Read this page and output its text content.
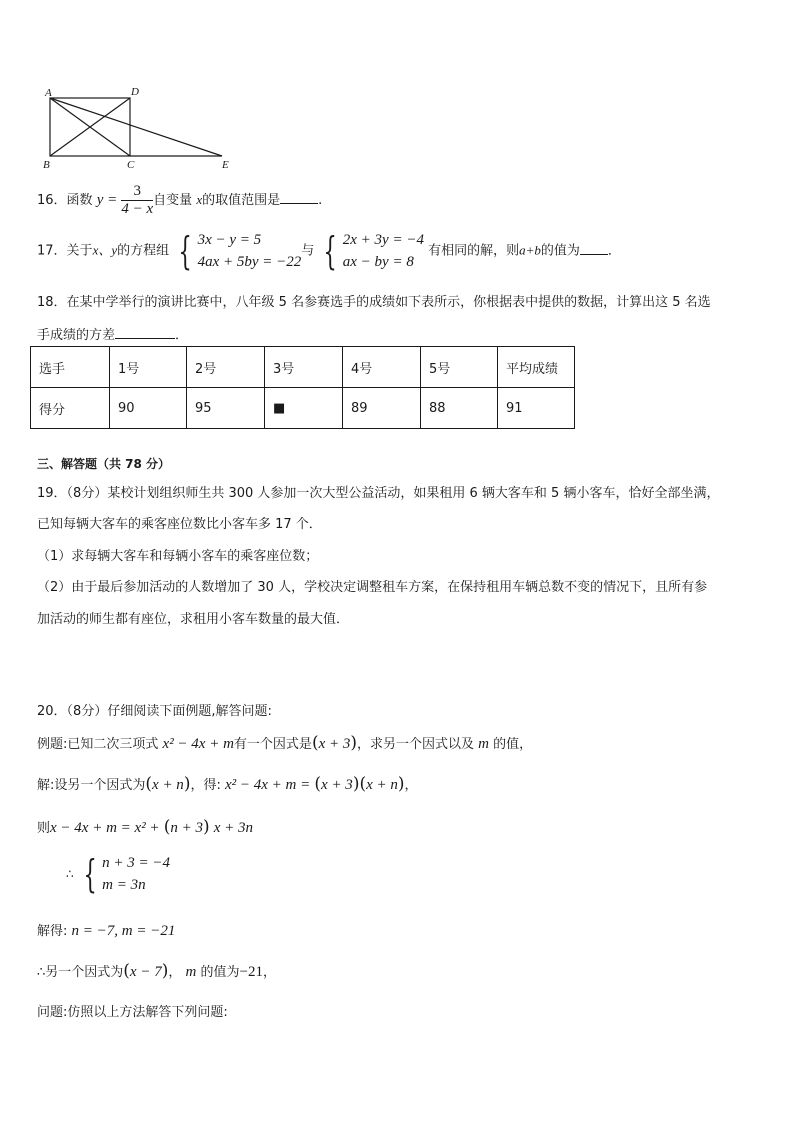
A	D
B	C	E
16．函数 $y = \frac{3}{4 - x}$ 自变量 x的取值范围是	.
17．关于x、y的方程组 { 3x − y = 5
4ax + 5by = −22
与 { 2x + 3y = −4
ax − by = 8
有相同的解，则a+b的值为 ．
18．在某中学举行的演讲比赛中，八年级 5 名参赛选手的成绩如下表所示，你根据表中提供的数据，计算出这 5 名选
手成绩的方差	．
选手	1号	2号	3号	4号	5号	平均成绩
得分	90	95	■	89	88	91
三、解答题（共 78 分）
19．（8分）某校计划组织师生共 300 人参加一次大型公益活动，如果租用 6 辆大客车和 5 辆小客车，恰好全部坐满，
已知每辆大客车的乘客座位数比小客车多 17 个．
（1）求每辆大客车和每辆小客车的乘客座位数；
（2）由于最后参加活动的人数增加了 30 人，学校决定调整租车方案，在保持租用车辆总数不变的情况下，且所有参
加活动的师生都有座位，求租用小客车数量的最大值．
20．（8分）仔细阅读下面例题,解答问题:
例题:已知二次三项式 x² − 4x + m有一个因式是(x + 3)，求另一个因式以及 m 的值，
解:设另一个因式为(x + n)，得: x² − 4x + m = (x + 3)(x + n)，
则x − 4x + m = x² + (n + 3) x + 3n
∴ { n + 3 = −4
m = 3n
解得: n = −7, m = −21
∴另一个因式为(x − 7)， m 的值为−21，
问题:仿照以上方法解答下列问题:
